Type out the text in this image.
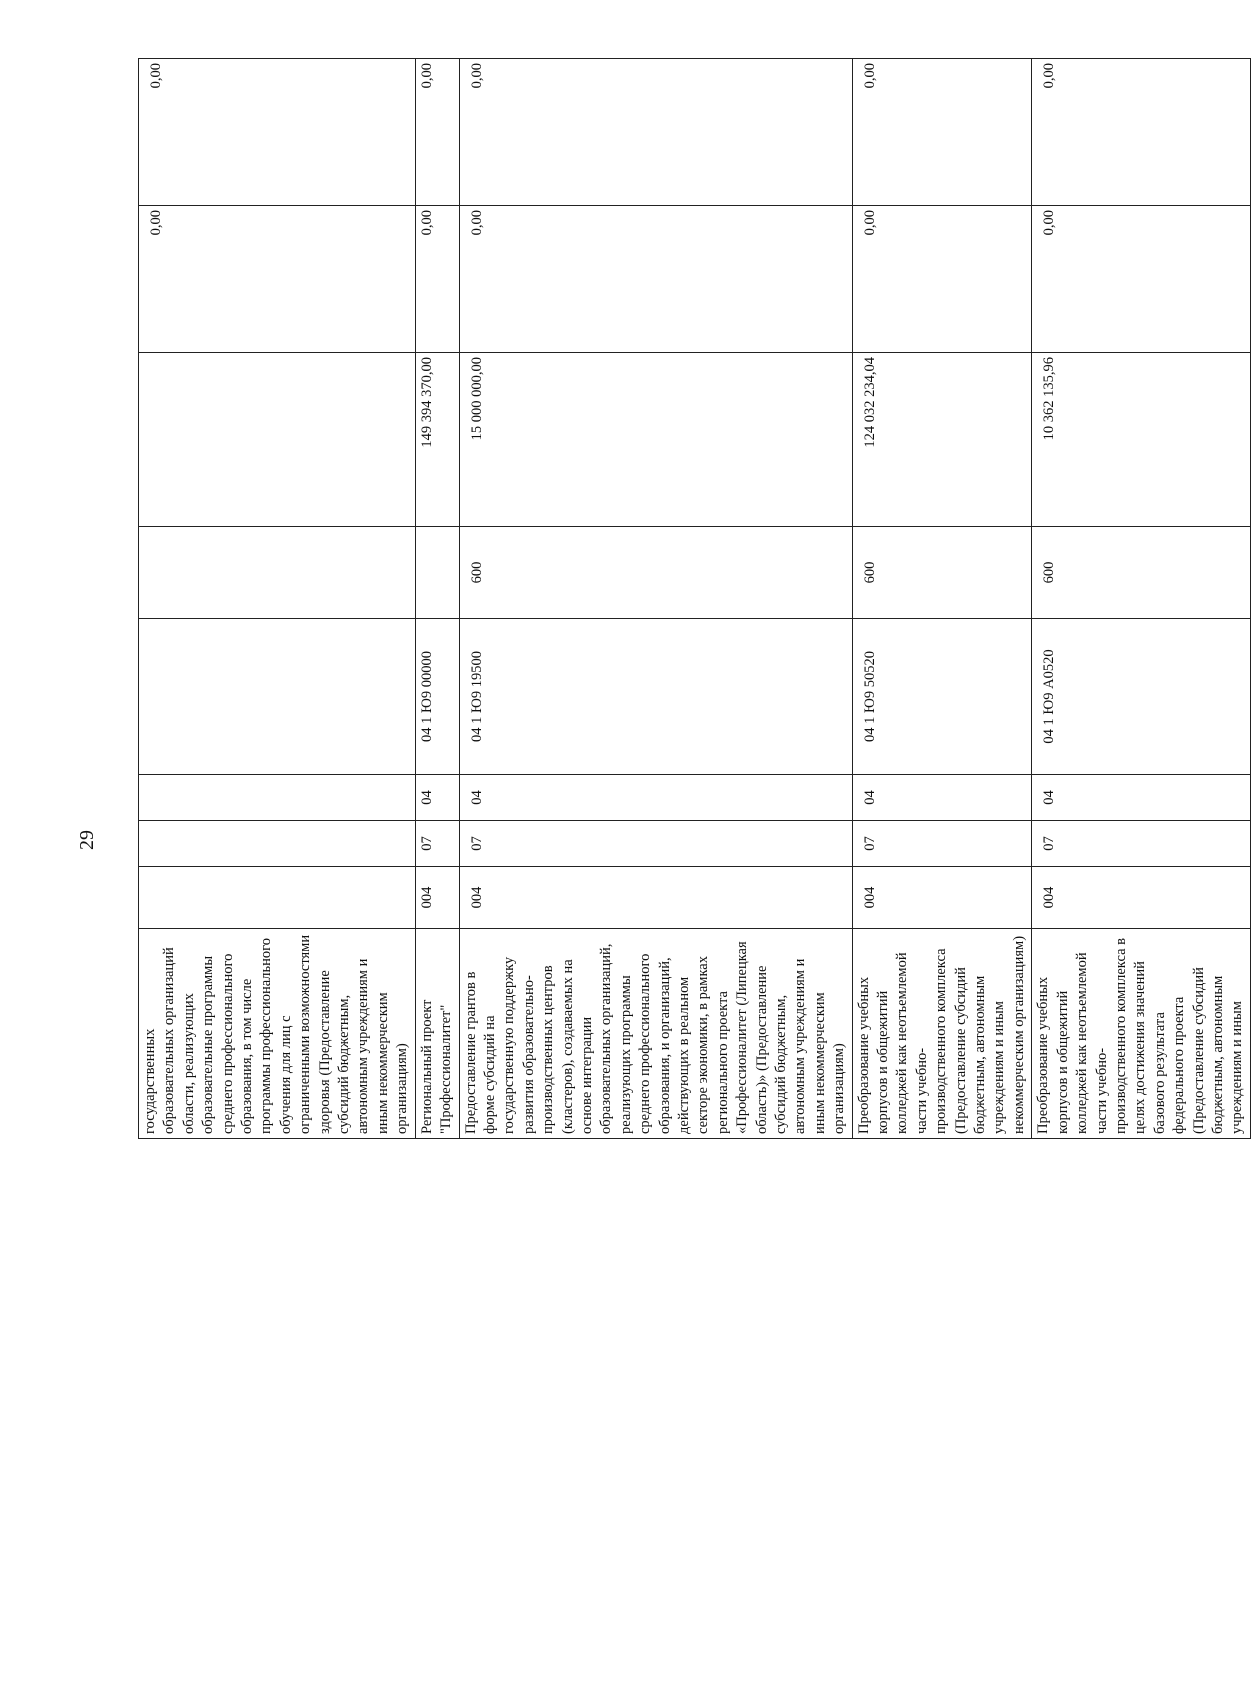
29
государственных образовательных организаций области, реализующих образовательные программы среднего профессионального образования, в том числе программы профессионального обучения для лиц с ограниченными возможностями здоровья (Предоставление субсидий бюджетным, автономным учреждениям и иным некоммерческим организациям)							0,00	0,00
Региональный проект "Профессионалитет"	004	07	04	04 1 Ю9 00000		149 394 370,00	0,00	0,00
Предоставление грантов в форме субсидий на государственную поддержку развития образовательно-производственных центров (кластеров), создаваемых на основе интеграции образовательных организаций, реализующих программы среднего профессионального образования, и организаций, действующих в реальном секторе экономики, в рамках регионального проекта «Профессионалитет (Липецкая область)» (Предоставление субсидий бюджетным, автономным учреждениям и иным некоммерческим организациям)	004	07	04	04 1 Ю9 19500	600	15 000 000,00	0,00	0,00
Преобразование учебных корпусов и общежитий колледжей как неотъемлемой части учебно-производственного комплекса (Предоставление субсидий бюджетным, автономным учреждениям и иным некоммерческим организациям)	004	07	04	04 1 Ю9 50520	600	124 032 234,04	0,00	0,00
Преобразование учебных корпусов и общежитий колледжей как неотъемлемой части учебно-производственного комплекса в целях достижения значений базового результата федерального проекта (Предоставление субсидий бюджетным, автономным учреждениям и иным	004	07	04	04 1 Ю9 А0520	600	10 362 135,96	0,00	0,00
